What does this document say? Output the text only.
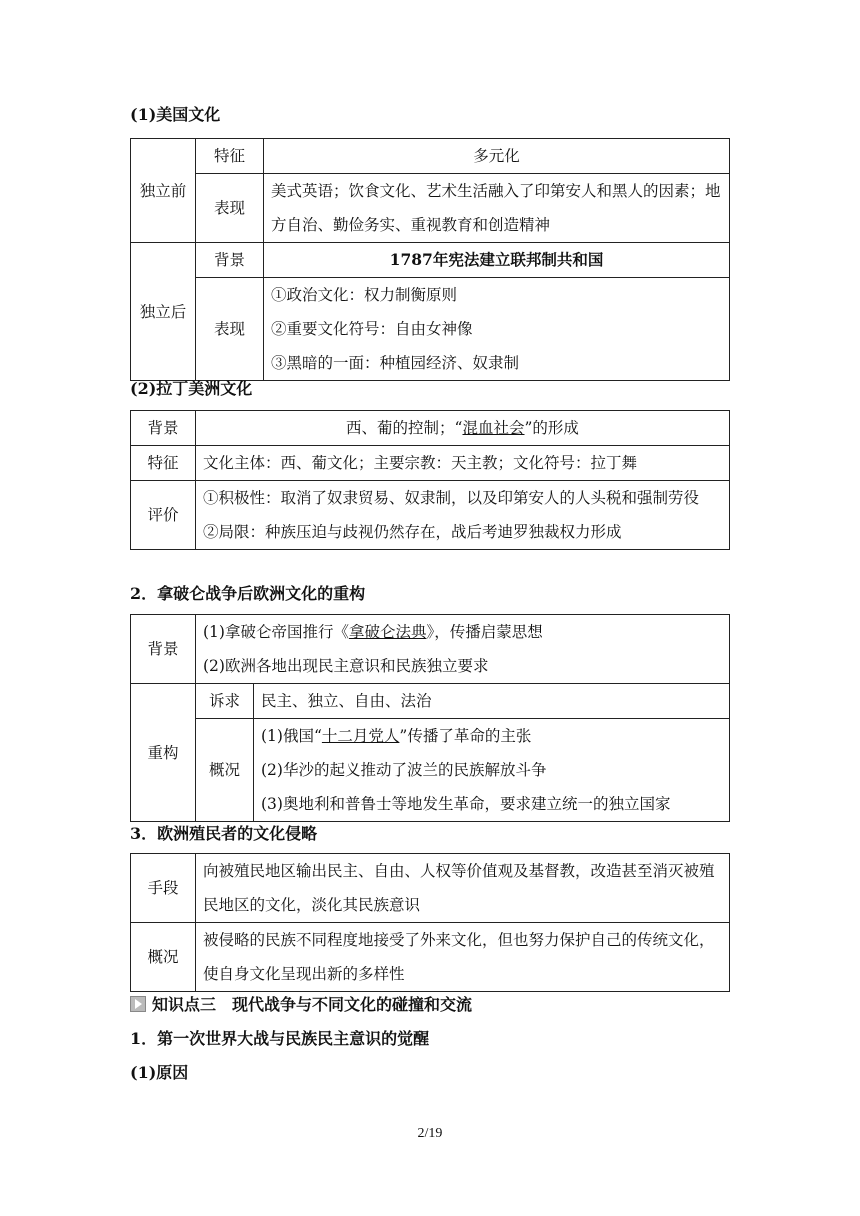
(1)美国文化
独立前	特征	多元化
	表现	美式英语；饮食文化、艺术生活融入了印第安人和黑人的因素；地方自治、勤俭务实、重视教育和创造精神
独立后	背景	1787年宪法建立联邦制共和国
	表现	①政治文化：权力制衡原则
②重要文化符号：自由女神像
③黑暗的一面：种植园经济、奴隶制
(2)拉丁美洲文化
背景	西、葡的控制；“混血社会”的形成
特征	文化主体：西、葡文化；主要宗教：天主教；文化符号：拉丁舞
评价	①积极性：取消了奴隶贸易、奴隶制，以及印第安人的人头税和强制劳役
②局限：种族压迫与歧视仍然存在，战后考迪罗独裁权力形成
2．拿破仑战争后欧洲文化的重构
背景	(1)拿破仑帝国推行《拿破仑法典》，传播启蒙思想
(2)欧洲各地出现民主意识和民族独立要求	

重构	诉求	民主、独立、自由、法治
	概况	(1)俄国“十二月党人”传播了革命的主张
(2)华沙的起义推动了波兰的民族解放斗争
(3)奥地利和普鲁士等地发生革命，要求建立统一的独立国家
3．欧洲殖民者的文化侵略
手段	向被殖民地区输出民主、自由、人权等价值观及基督教，改造甚至消灭被殖民地区的文化，淡化其民族意识
概况	被侵略的民族不同程度地接受了外来文化，但也努力保护自己的传统文化，使自身文化呈现出新的多样性
知识点三　现代战争与不同文化的碰撞和交流
1．第一次世界大战与民族民主意识的觉醒
(1)原因
2/19
